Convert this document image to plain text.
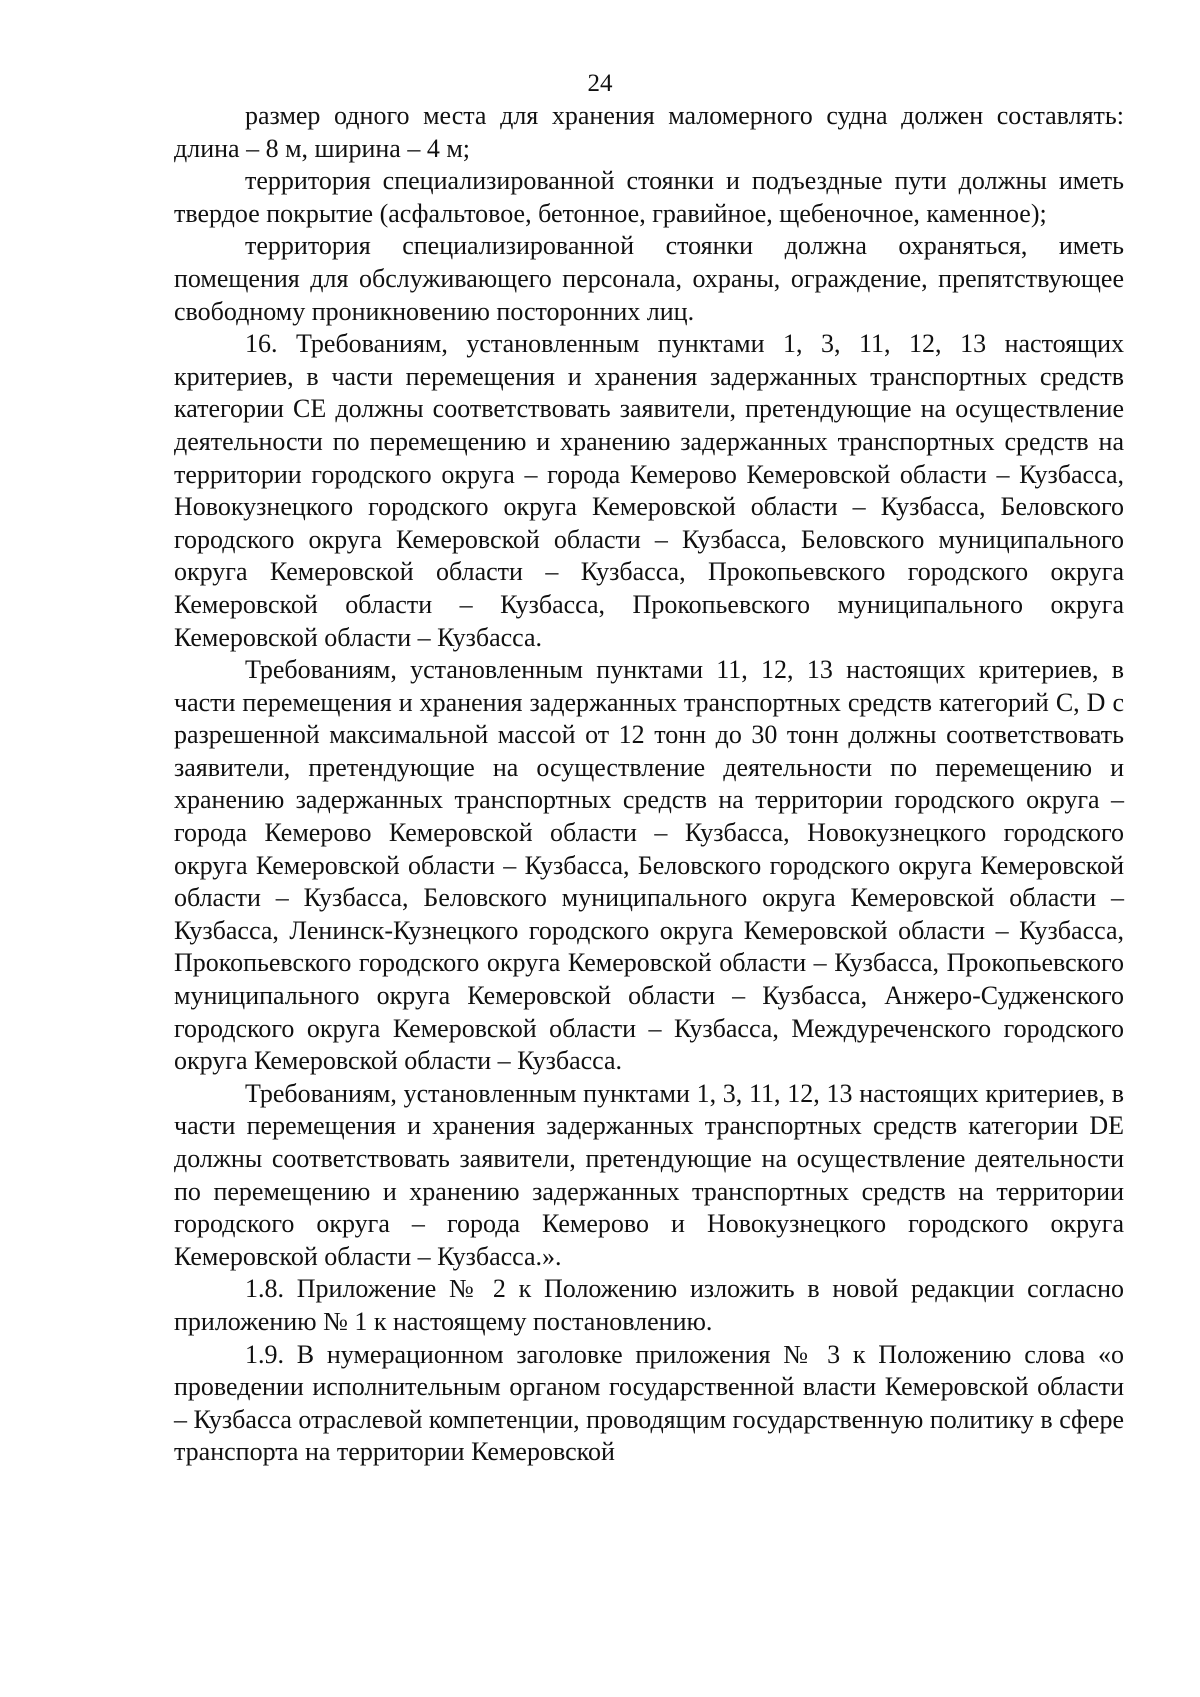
24

размер одного места для хранения маломерного судна должен составлять: длина – 8 м, ширина – 4 м;

территория специализированной стоянки и подъездные пути должны иметь твердое покрытие (асфальтовое, бетонное, гравийное, щебеночное, каменное);

территория специализированной стоянки должна охраняться, иметь помещения для обслуживающего персонала, охраны, ограждение, препятствующее свободному проникновению посторонних лиц.

16. Требованиям, установленным пунктами 1, 3, 11, 12, 13 настоящих критериев, в части перемещения и хранения задержанных транспортных средств категории CE должны соответствовать заявители, претендующие на осуществление деятельности по перемещению и хранению задержанных транспортных средств на территории городского округа – города Кемерово Кемеровской области – Кузбасса, Новокузнецкого городского округа Кемеровской области – Кузбасса, Беловского городского округа Кемеровской области – Кузбасса, Беловского муниципального округа Кемеровской области – Кузбасса, Прокопьевского городского округа Кемеровской области – Кузбасса, Прокопьевского муниципального округа Кемеровской области – Кузбасса.

Требованиям, установленным пунктами 11, 12, 13 настоящих критериев, в части перемещения и хранения задержанных транспортных средств категорий C, D с разрешенной максимальной массой от 12 тонн до 30 тонн должны соответствовать заявители, претендующие на осуществление деятельности по перемещению и хранению задержанных транспортных средств на территории городского округа – города Кемерово Кемеровской области – Кузбасса, Новокузнецкого городского округа Кемеровской области – Кузбасса, Беловского городского округа Кемеровской области – Кузбасса, Беловского муниципального округа Кемеровской области – Кузбасса, Ленинск-Кузнецкого городского округа Кемеровской области – Кузбасса, Прокопьевского городского округа Кемеровской области – Кузбасса, Прокопьевского муниципального округа Кемеровской области – Кузбасса, Анжеро-Судженского городского округа Кемеровской области – Кузбасса, Междуреченского городского округа Кемеровской области – Кузбасса.

Требованиям, установленным пунктами 1, 3, 11, 12, 13 настоящих критериев, в части перемещения и хранения задержанных транспортных средств категории DE должны соответствовать заявители, претендующие на осуществление деятельности по перемещению и хранению задержанных транспортных средств на территории городского округа – города Кемерово и Новокузнецкого городского округа Кемеровской области – Кузбасса.».

1.8. Приложение № 2 к Положению изложить в новой редакции согласно приложению № 1 к настоящему постановлению.

1.9. В нумерационном заголовке приложения № 3 к Положению слова «о проведении исполнительным органом государственной власти Кемеровской области – Кузбасса отраслевой компетенции, проводящим государственную политику в сфере транспорта на территории Кемеровской
